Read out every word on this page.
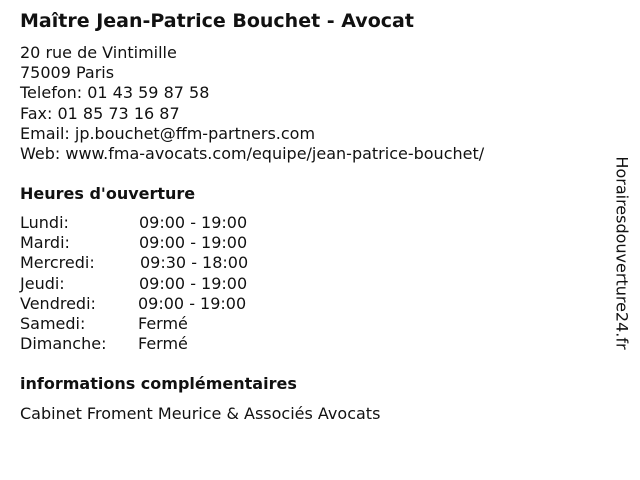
Maître Jean-Patrice Bouchet - Avocat
20 rue de Vintimille
75009 Paris
Telefon: 01 43 59 87 58
Fax: 01 85 73 16 87
Email: jp.bouchet@ffm-partners.com
Web: www.fma-avocats.com/equipe/jean-patrice-bouchet/
Heures d'ouverture
Lundi:	09:00 - 19:00
Mardi:	09:00 - 19:00
Mercredi:	09:30 - 18:00
Jeudi:	09:00 - 19:00
Vendredi:	09:00 - 19:00
Samedi:	Fermé
Dimanche: Fermé
informations complémentaires
Cabinet Froment Meurice & Associés Avocats
Horairesdouverture24.fr
